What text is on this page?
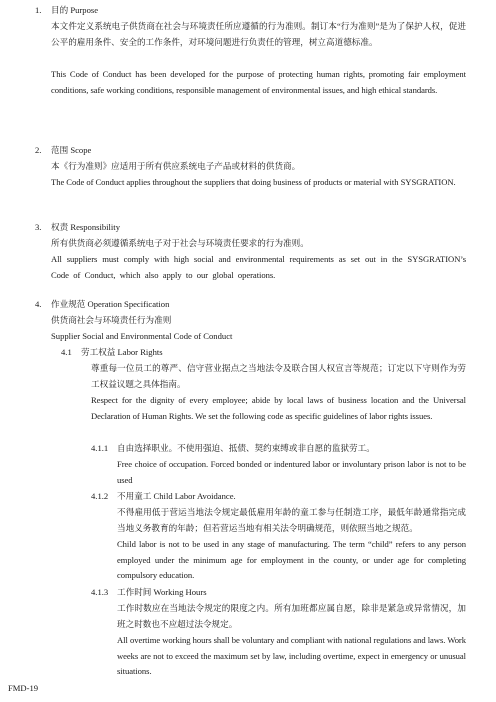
1. 目的 Purpose
本文件定义系统电子供货商在社会与环境责任所应遵循的行为准则。制订本“行为准则”是为了保护人权，促进公平的雇用条件、安全的工作条件，对环境问题进行负责任的管理，树立高道德标准。
This Code of Conduct has been developed for the purpose of protecting human rights, promoting fair employment conditions, safe working conditions, responsible management of environmental issues, and high ethical standards.
2. 范围 Scope
本《行为准则》应适用于所有供应系统电子产品或材料的供货商。
The Code of Conduct applies throughout the suppliers that doing business of products or material with SYSGRATION.
3. 权责 Responsibility
所有供货商必须遵循系统电子对于社会与环境责任要求的行为准则。
All suppliers must comply with high social and environmental requirements as set out in the SYSGRATION’s Code of Conduct, which also apply to our global operations.
4. 作业规范 Operation Specification
供货商社会与环境责任行为准则
Supplier Social and Environmental Code of Conduct
4.1 劳工权益 Labor Rights
尊重每一位员工的尊严、信守营业据点之当地法令及联合国人权宣言等规范；订定以下守则作为劳工权益议题之具体指南。
Respect for the dignity of every employee; abide by local laws of business location and the Universal Declaration of Human Rights. We set the following code as specific guidelines of labor rights issues.
4.1.1 自由选择职业。不使用强迫、抵债、契约束缚或非自愿的监狱劳工。
Free choice of occupation. Forced bonded or indentured labor or involuntary prison labor is not to be used
4.1.2 不用童工 Child Labor Avoidance.
不得雇用低于营运当地法令规定最低雇用年龄的童工参与任制造工序，最低年龄通常指完成当地义务教育的年龄；但若营运当地有相关法令明确规范，则依照当地之规范。
Child labor is not to be used in any stage of manufacturing. The term “child” refers to any person employed under the minimum age for employment in the county, or under age for completing compulsory education.
4.1.3 工作时间 Working Hours
工作时数应在当地法令规定的限度之内。所有加班都应属自愿，除非是紧急或异常情况，加班之时数也不应超过法令规定。
All overtime working hours shall be voluntary and compliant with national regulations and laws. Work weeks are not to exceed the maximum set by law, including overtime, expect in emergency or unusual situations.
FMD-19
